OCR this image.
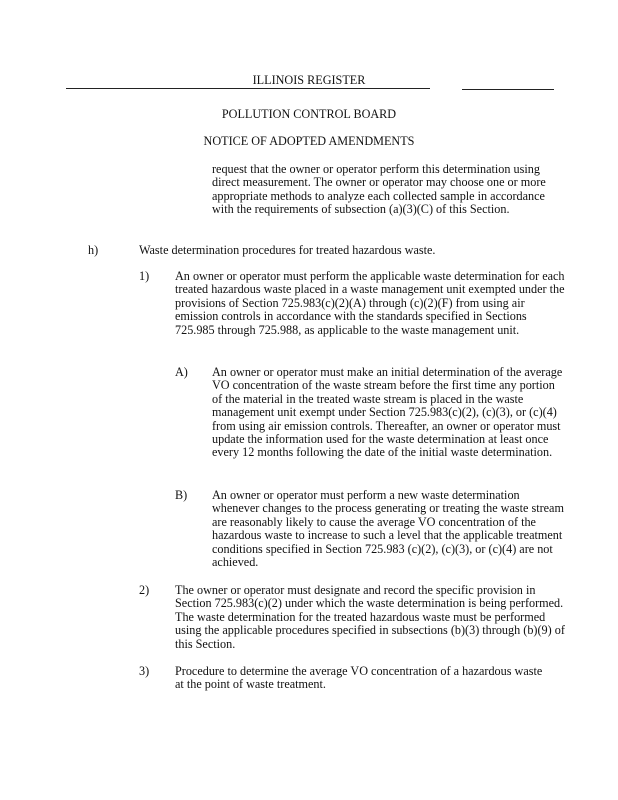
ILLINOIS REGISTER
POLLUTION CONTROL BOARD
NOTICE OF ADOPTED AMENDMENTS

request that the owner or operator perform this determination using direct measurement. The owner or operator may choose one or more appropriate methods to analyze each collected sample in accordance with the requirements of subsection (a)(3)(C) of this Section.

h)	Waste determination procedures for treated hazardous waste.

1) An owner or operator must perform the applicable waste determination for each treated hazardous waste placed in a waste management unit exempted under the provisions of Section 725.983(c)(2)(A) through (c)(2)(F) from using air emission controls in accordance with the standards specified in Sections 725.985 through 725.988, as applicable to the waste management unit.

A) An owner or operator must make an initial determination of the average VO concentration of the waste stream before the first time any portion of the material in the treated waste stream is placed in the waste management unit exempt under Section 725.983(c)(2), (c)(3), or (c)(4) from using air emission controls. Thereafter, an owner or operator must update the information used for the waste determination at least once every 12 months following the date of the initial waste determination.

B) An owner or operator must perform a new waste determination whenever changes to the process generating or treating the waste stream are reasonably likely to cause the average VO concentration of the hazardous waste to increase to such a level that the applicable treatment conditions specified in Section 725.983 (c)(2), (c)(3), or (c)(4) are not achieved.

2) The owner or operator must designate and record the specific provision in Section 725.983(c)(2) under which the waste determination is being performed. The waste determination for the treated hazardous waste must be performed using the applicable procedures specified in subsections (b)(3) through (b)(9) of this Section.

3) Procedure to determine the average VO concentration of a hazardous waste at the point of waste treatment.
